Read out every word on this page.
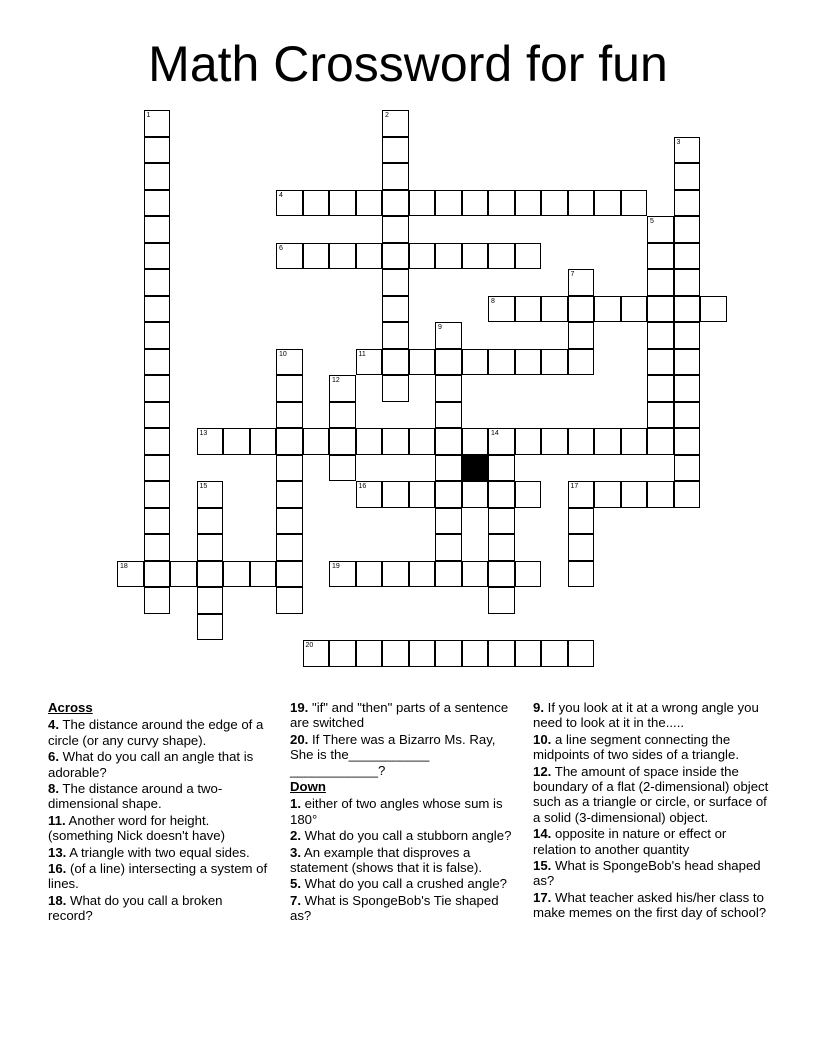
Math Crossword for fun
1	2
3
4
5
6
7
8
9
10	11
12
13	14
15	16	17
18	19
20
Across
4. The distance around the edge of a circle (or any curvy shape).
6. What do you call an angle that is adorable?
8. The distance around a two-dimensional shape.
11. Another word for height. (something Nick doesn't have)
13. A triangle with two equal sides.
16. (of a line) intersecting a system of lines.
18. What do you call a broken record?
19. "if" and "then" parts of a sentence are switched
20. If There was a Bizarro Ms. Ray, She is the___________ ____________?
Down
1. either of two angles whose sum is 180°
2. What do you call a stubborn angle?
3. An example that disproves a statement (shows that it is false).
5. What do you call a crushed angle?
7. What is SpongeBob's Tie shaped as?
9. If you look at it at a wrong angle you need to look at it in the.....
10. a line segment connecting the midpoints of two sides of a triangle.
12. The amount of space inside the boundary of a flat (2-dimensional) object such as a triangle or circle, or surface of a solid (3-dimensional) object.
14. opposite in nature or effect or relation to another quantity
15. What is SpongeBob's head shaped as?
17. What teacher asked his/her class to make memes on the first day of school?
